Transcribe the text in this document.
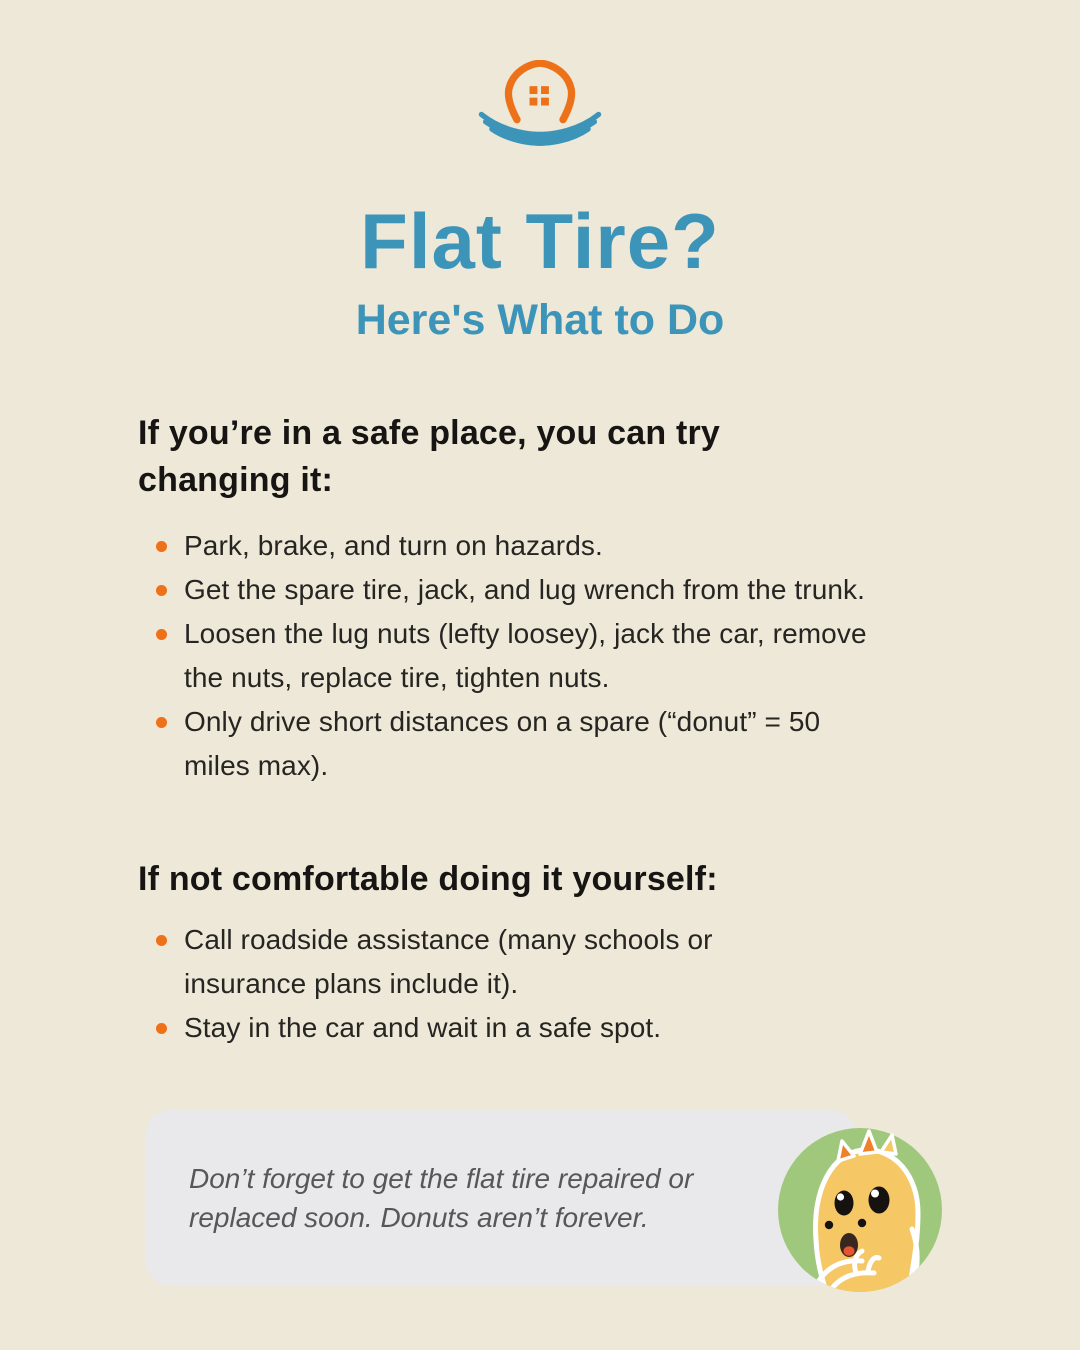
Flat Tire?
Here's What to Do
If you’re in a safe place, you can try changing it:
Park, brake, and turn on hazards.
Get the spare tire, jack, and lug wrench from the trunk.
Loosen the lug nuts (lefty loosey), jack the car, remove the nuts, replace tire, tighten nuts.
Only drive short distances on a spare (“donut” = 50 miles max).
If not comfortable doing it yourself:
Call roadside assistance (many schools or insurance plans include it).
Stay in the car and wait in a safe spot.

Don’t forget to get the flat tire repaired or replaced soon. Donuts aren’t forever.
